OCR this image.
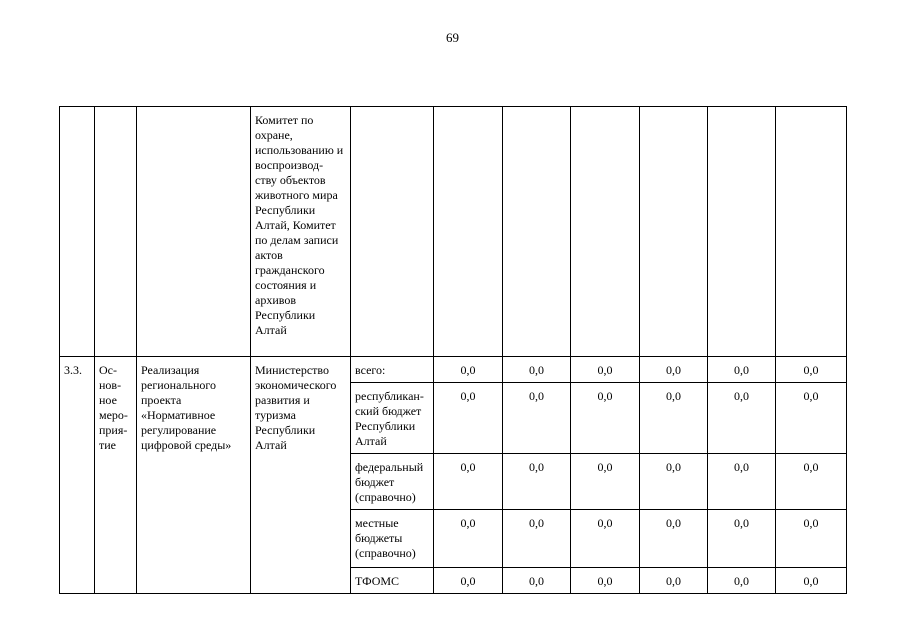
69
			Комитет по охране, использованию и воспроизвод- ству объектов животного мира Республики Алтай, Комитет по делам записи актов гражданского состояния и архивов Республики Алтай							
3.3.	Ос- нов- ное меро- прия- тие	Реализация регионального проекта «Нормативное регулирование цифровой среды»	Министерство экономического развития и туризма Республики Алтай	всего:	0,0	0,0	0,0	0,0	0,0	0,0
				республикан- ский бюджет Республики Алтай	0,0	0,0	0,0	0,0	0,0	0,0
				федеральный бюджет (справочно)	0,0	0,0	0,0	0,0	0,0	0,0
				местные бюджеты (справочно)	0,0	0,0	0,0	0,0	0,0	0,0
				ТФОМС	0,0	0,0	0,0	0,0	0,0	0,0
